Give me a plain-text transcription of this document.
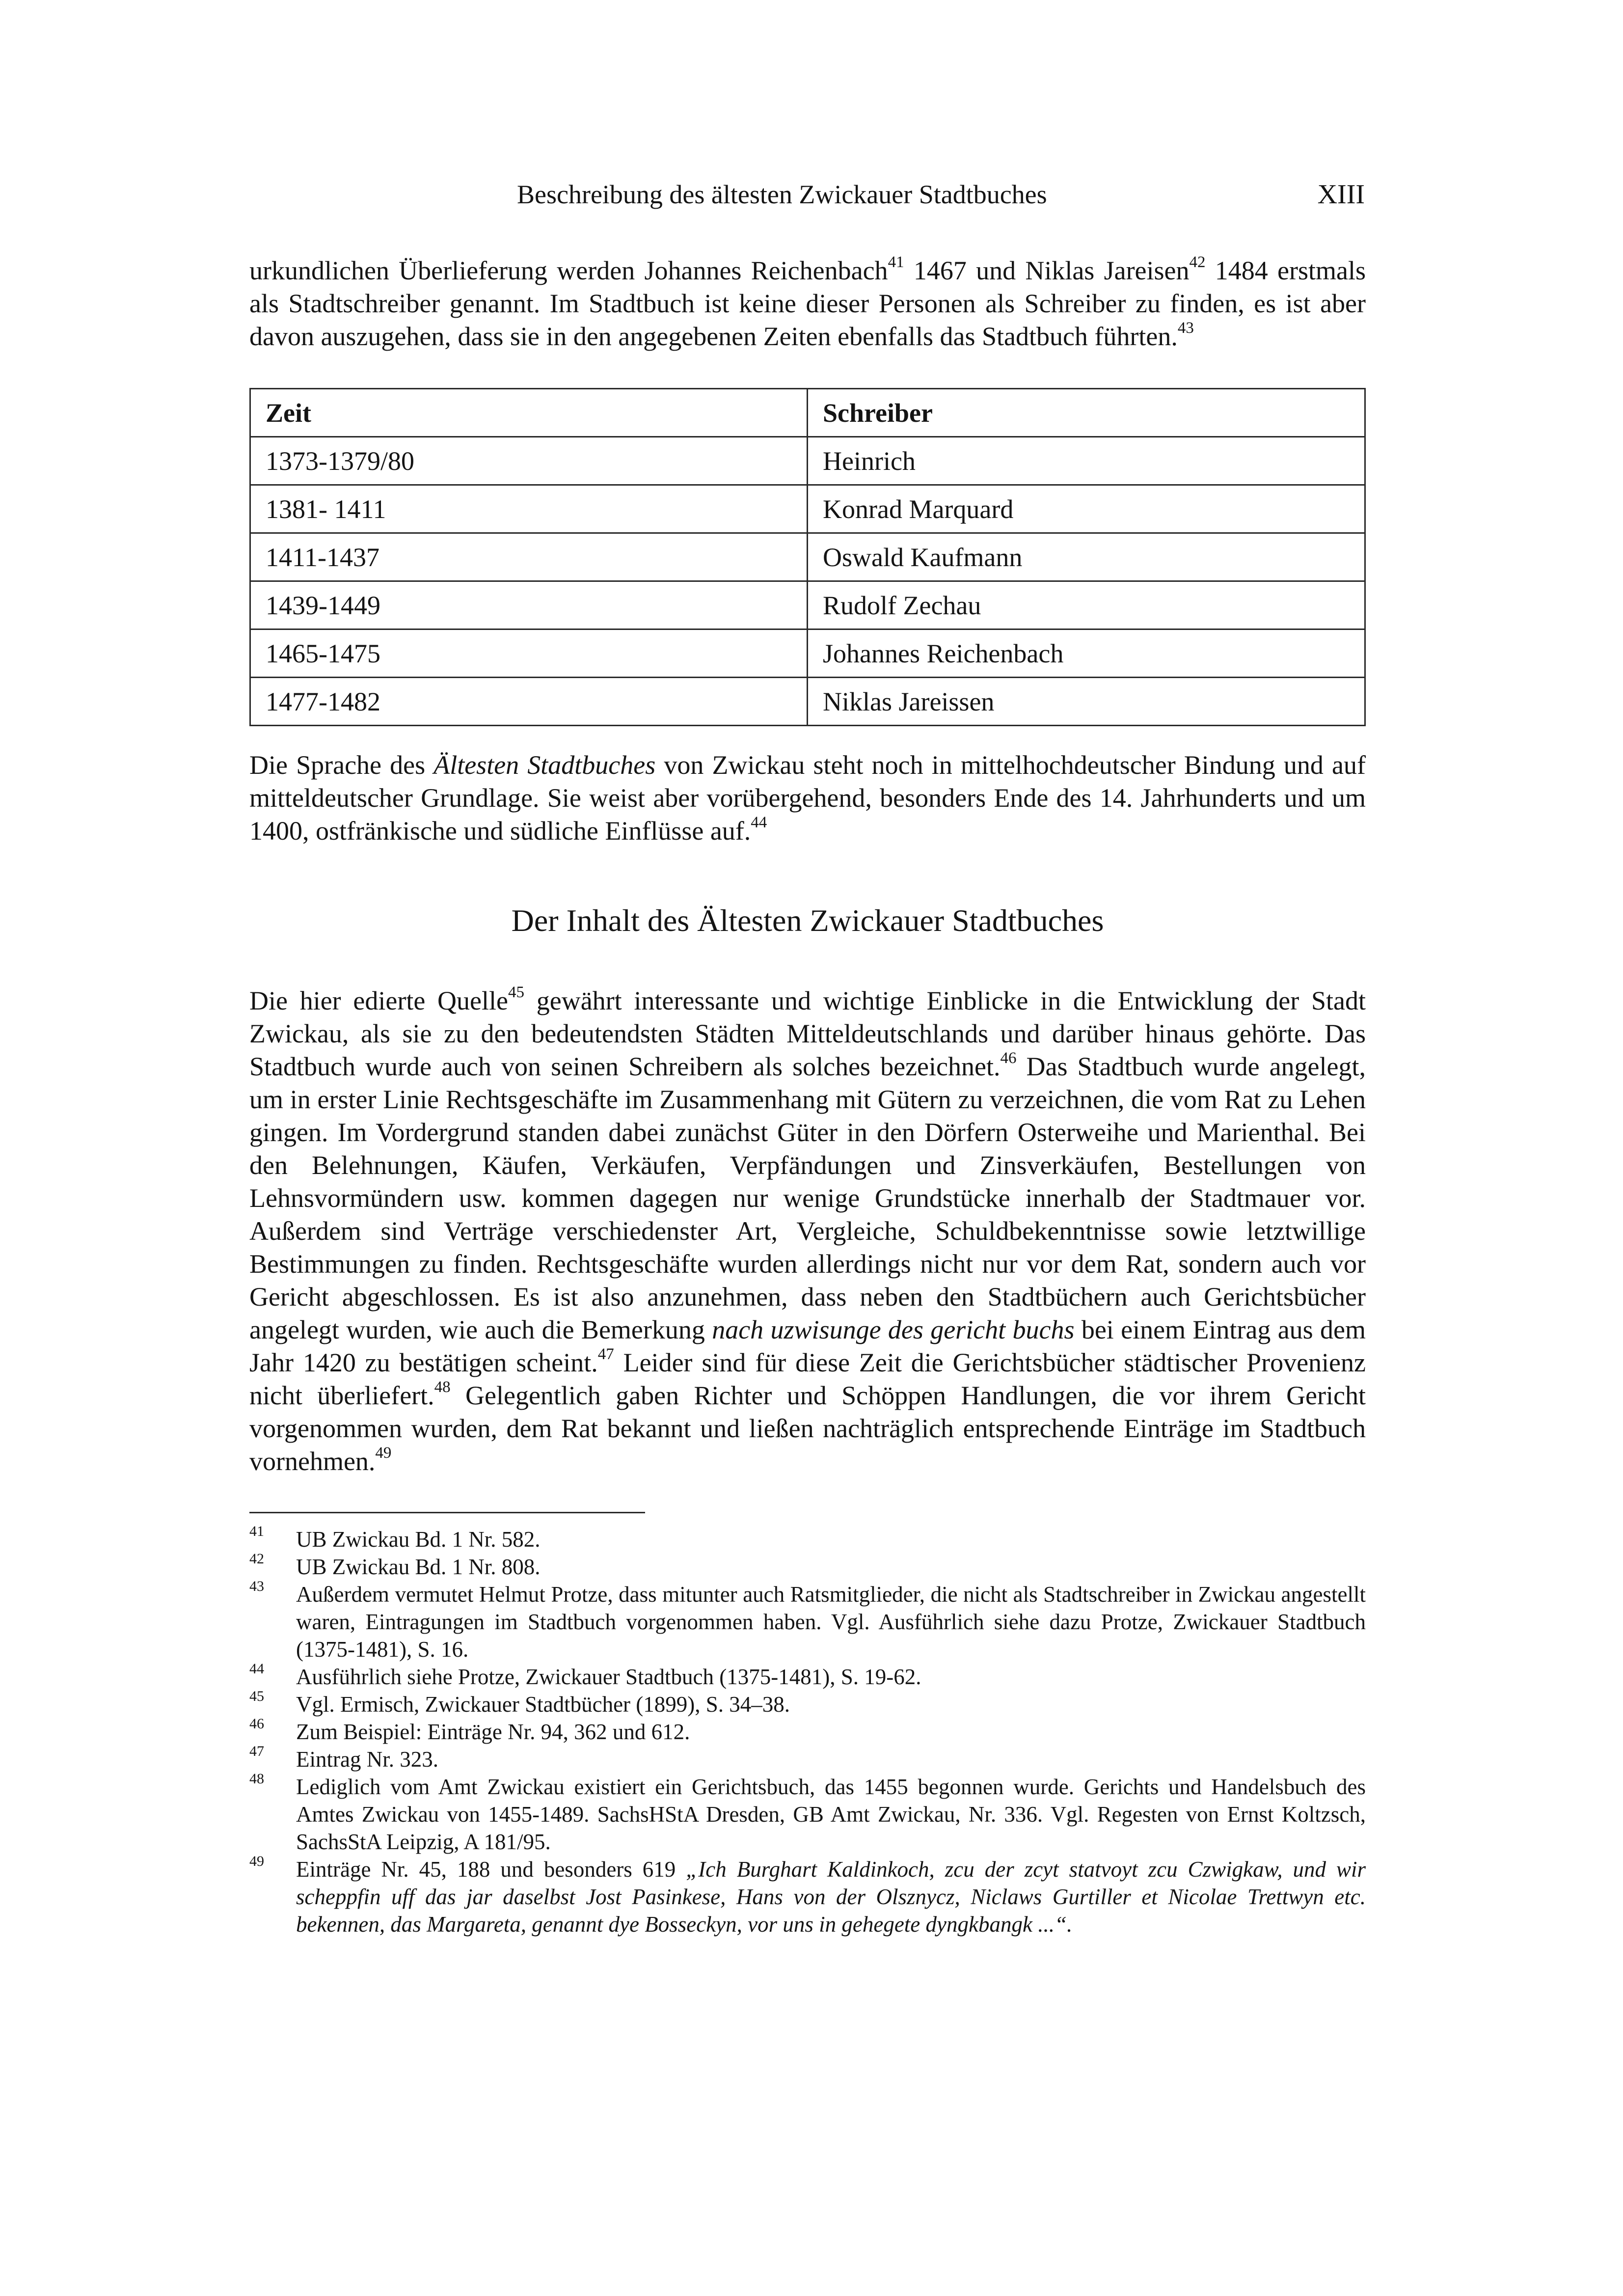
Beschreibung des ältesten Zwickauer Stadtbuches	XIII

urkundlichen Überlieferung werden Johannes Reichenbach$^{41}$ 1467 und Niklas Jareisen$^{42}$ 1484 erstmals als Stadtschreiber genannt. Im Stadtbuch ist keine dieser Personen als Schreiber zu finden, es ist aber davon auszugehen, dass sie in den angegebenen Zeiten ebenfalls das Stadtbuch führten.$^{43}$

Zeit	Schreiber
1373-1379/80	Heinrich
1381- 1411	Konrad Marquard
1411-1437	Oswald Kaufmann
1439-1449	Rudolf Zechau
1465-1475	Johannes Reichenbach
1477-1482	Niklas Jareissen

Die Sprache des Ältesten Stadtbuches von Zwickau steht noch in mittelhochdeutscher Bindung und auf mitteldeutscher Grundlage. Sie weist aber vorübergehend, besonders Ende des 14. Jahrhunderts und um 1400, ostfränkische und südliche Einflüsse auf.$^{44}$

Der Inhalt des Ältesten Zwickauer Stadtbuches

Die hier edierte Quelle$^{45}$ gewährt interessante und wichtige Einblicke in die Entwicklung der Stadt Zwickau, als sie zu den bedeutendsten Städten Mitteldeutschlands und darüber hinaus gehörte. Das Stadtbuch wurde auch von seinen Schreibern als solches bezeichnet.$^{46}$ Das Stadtbuch wurde angelegt, um in erster Linie Rechtsgeschäfte im Zusammenhang mit Gütern zu verzeichnen, die vom Rat zu Lehen gingen. Im Vordergrund standen dabei zunächst Güter in den Dörfern Osterweihe und Marienthal. Bei den Belehnungen, Käufen, Verkäufen, Verpfändungen und Zinsverkäufen, Bestellungen von Lehnsvormündern usw. kommen dagegen nur wenige Grundstücke innerhalb der Stadtmauer vor. Außerdem sind Verträge verschiedenster Art, Vergleiche, Schuldbekenntnisse sowie letztwillige Bestimmungen zu finden. Rechtsgeschäfte wurden allerdings nicht nur vor dem Rat, sondern auch vor Gericht abgeschlossen. Es ist also anzunehmen, dass neben den Stadtbüchern auch Gerichtsbücher angelegt wurden, wie auch die Bemerkung nach uzwisunge des gericht buchs bei einem Eintrag aus dem Jahr 1420 zu bestätigen scheint.$^{47}$ Leider sind für diese Zeit die Gerichtsbücher städtischer Provenienz nicht überliefert.$^{48}$ Gelegentlich gaben Richter und Schöppen Handlungen, die vor ihrem Gericht vorgenommen wurden, dem Rat bekannt und ließen nachträglich entsprechende Einträge im Stadtbuch vornehmen.$^{49}$

41 UB Zwickau Bd. 1 Nr. 582.
42 UB Zwickau Bd. 1 Nr. 808.
43 Außerdem vermutet Helmut Protze, dass mitunter auch Ratsmitglieder, die nicht als Stadtschreiber in Zwickau angestellt waren, Eintragungen im Stadtbuch vorgenommen haben. Vgl. Ausführlich siehe dazu Protze, Zwickauer Stadtbuch (1375-1481), S. 16.
44 Ausführlich siehe Protze, Zwickauer Stadtbuch (1375-1481), S. 19-62.
45 Vgl. Ermisch, Zwickauer Stadtbücher (1899), S. 34–38.
46 Zum Beispiel: Einträge Nr. 94, 362 und 612.
47 Eintrag Nr. 323.
48 Lediglich vom Amt Zwickau existiert ein Gerichtsbuch, das 1455 begonnen wurde. Gerichts und Handelsbuch des Amtes Zwickau von 1455-1489. SachsHStA Dresden, GB Amt Zwickau, Nr. 336. Vgl. Regesten von Ernst Koltzsch, SachsStA Leipzig, A 181/95.
49 Einträge Nr. 45, 188 und besonders 619 „Ich Burghart Kaldinkoch, zcu der zcyt statvoyt zcu Czwigkaw, und wir scheppfin uff das jar daselbst Jost Pasinkese, Hans von der Olsznycz, Niclaws Gurtiller et Nicolae Trettwyn etc. bekennen, das Margareta, genannt dye Bosseckyn, vor uns in gehegete dyngkbangk ...“.
